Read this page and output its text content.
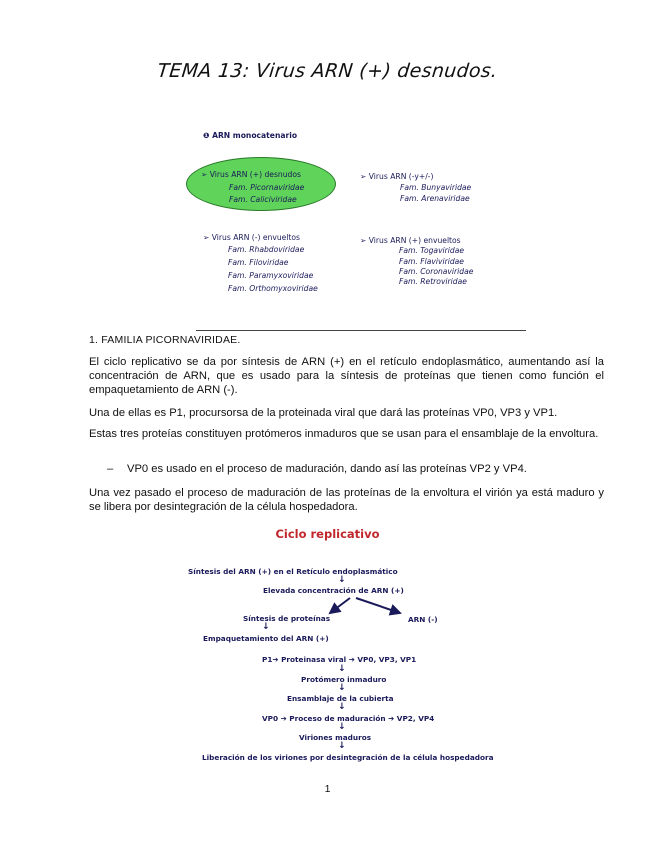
TEMA 13: Virus ARN (+) desnudos.
❶ ARN monocatenario
➢ Virus ARN (+) desnudos
Fam. Picornaviridae
Fam. Caliciviridae
➢ Virus ARN (-y+/-)
Fam. Bunyaviridae
Fam. Arenaviridae
➢ Virus ARN (-) envueltos
Fam. Rhabdoviridae
Fam. Filoviridae
Fam. Paramyxoviridae
Fam. Orthomyxoviridae
➢ Virus ARN (+) envueltos
Fam. Togaviridae
Fam. Flaviviridae
Fam. Coronaviridae
Fam. Retroviridae
1. FAMILIA PICORNAVIRIDAE.
El ciclo replicativo se da por síntesis de ARN (+) en el retículo endoplasmático, aumentando así la concentración de ARN, que es usado para la síntesis de proteínas que tienen como función el empaquetamiento de ARN (-).
Una de ellas es P1, procursorsa de la proteinada viral que dará las proteínas VP0, VP3 y VP1.
Estas tres proteías constituyen protómeros inmaduros que se usan para el ensamblaje de la envoltura.
– VP0 es usado en el proceso de maduración, dando así las proteínas VP2 y VP4.
Una vez pasado el proceso de maduración de las proteínas de la envoltura el virión ya está maduro y se libera por desintegración de la célula hospedadora.
Ciclo replicativo
Síntesis del ARN (+) en el Retículo endoplasmático
↓
Elevada concentración de ARN (+)
Síntesis de proteínas	ARN (-)
↓
Empaquetamiento del ARN (+)
P1➔ Proteinasa viral ➔ VP0, VP3, VP1
↓
Protómero inmaduro
↓
Ensamblaje de la cubierta
↓
VP0 ➔ Proceso de maduración ➔ VP2, VP4
↓
Viriones maduros
↓
Liberación de los viriones por desintegración de la célula hospedadora
1
